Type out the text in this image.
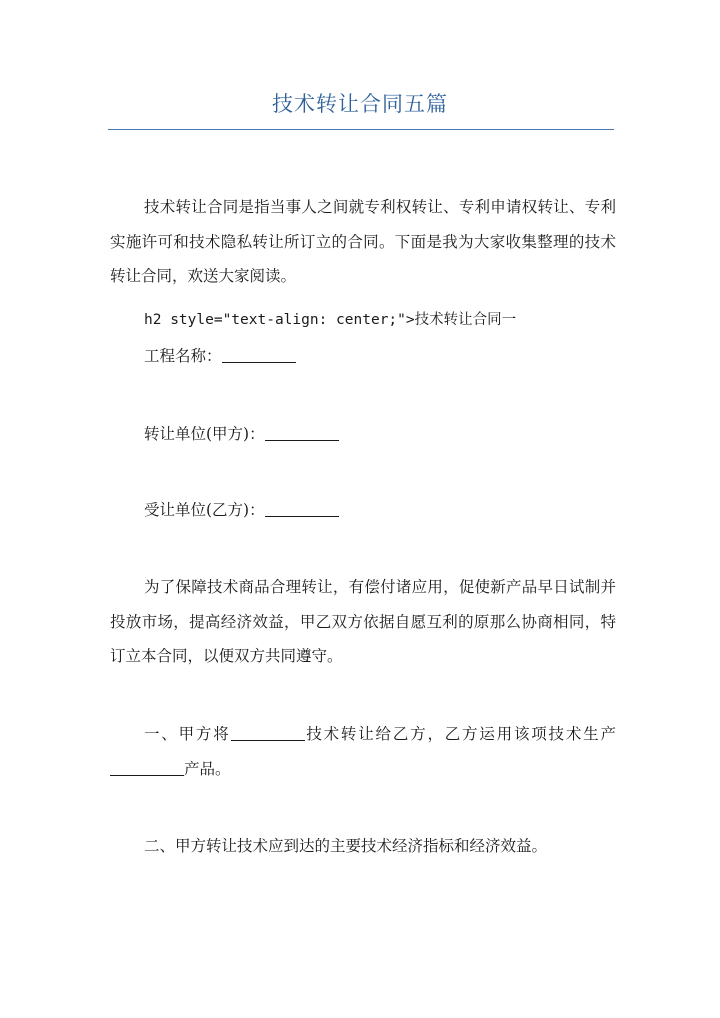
技术转让合同五篇

技术转让合同是指当事人之间就专利权转让、专利申请权转让、专利实施许可和技术隐私转让所订立的合同。下面是我为大家收集整理的技术转让合同，欢送大家阅读。

h2 style="text-align: center;">技术转让合同一

工程名称：

转让单位(甲方)：

受让单位(乙方)：

为了保障技术商品合理转让，有偿付诸应用，促使新产品早日试制并投放市场，提高经济效益，甲乙双方依据自愿互利的原那么协商相同，特订立本合同，以便双方共同遵守。

一、甲方将	技术转让给乙方，乙方运用该项技术生产产品。

二、甲方转让技术应到达的主要技术经济指标和经济效益。
